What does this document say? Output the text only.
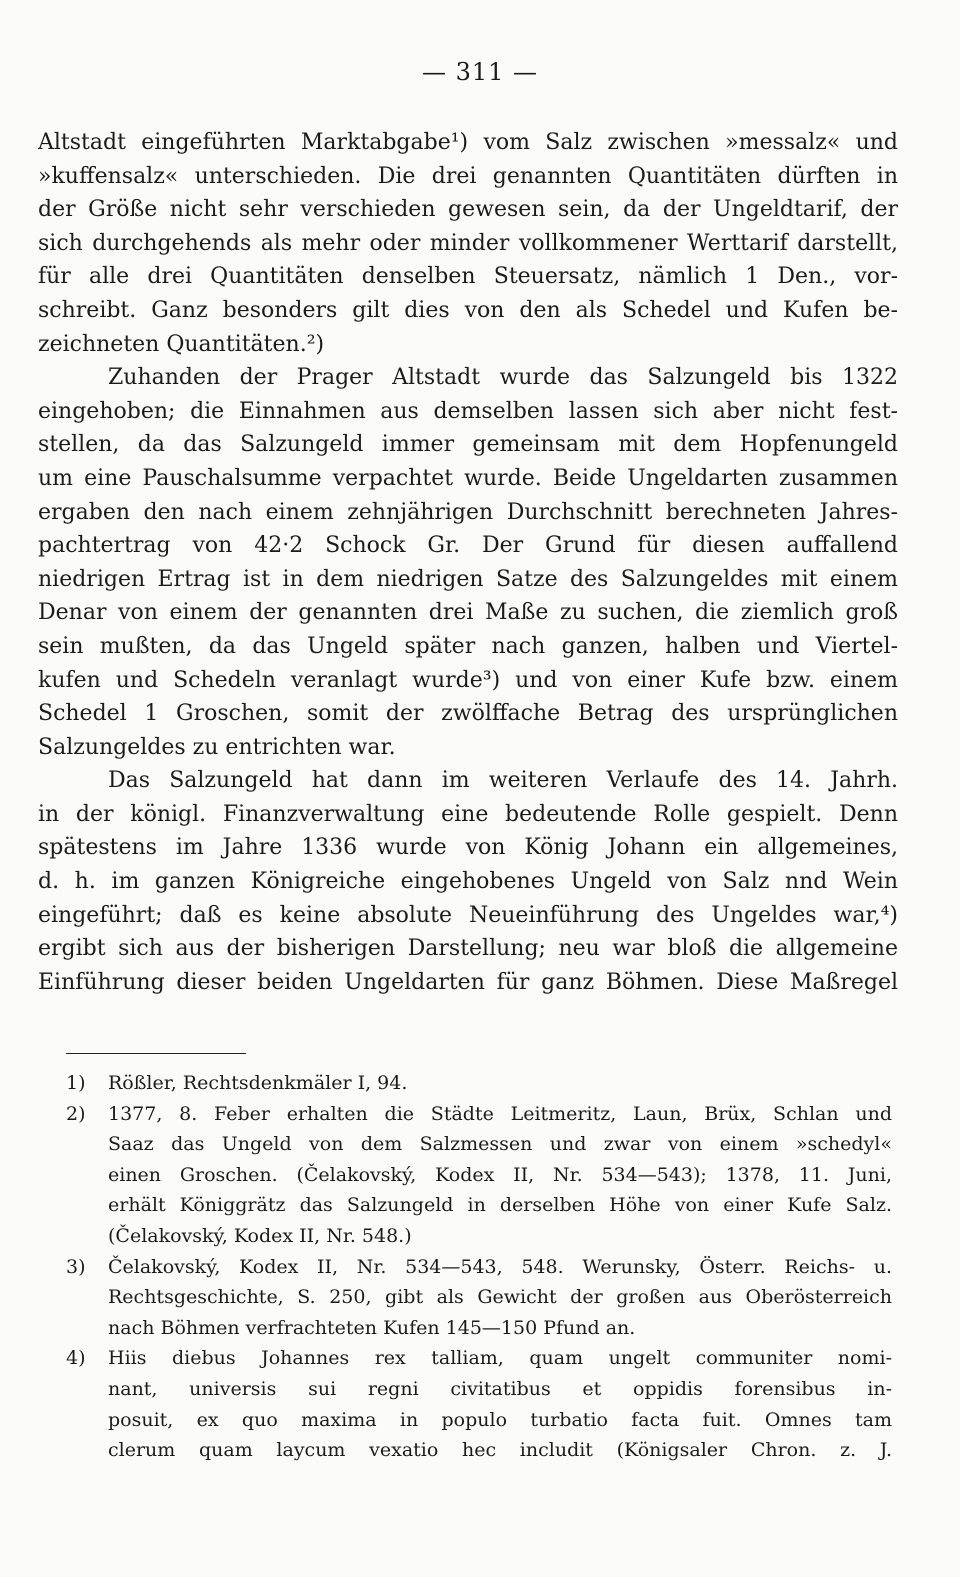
— 311 —
Altstadt eingeführten Marktabgabe¹) vom Salz zwischen »messalz« und
»kuffensalz« unterschieden. Die drei genannten Quantitäten dürften in
der Größe nicht sehr verschieden gewesen sein, da der Ungeldtarif, der
sich durchgehends als mehr oder minder vollkommener Werttarif darstellt,
für alle drei Quantitäten denselben Steuersatz, nämlich 1 Den., vor-
schreibt. Ganz besonders gilt dies von den als Schedel und Kufen be-
zeichneten Quantitäten.²)
Zuhanden der Prager Altstadt wurde das Salzungeld bis 1322
eingehoben; die Einnahmen aus demselben lassen sich aber nicht fest-
stellen, da das Salzungeld immer gemeinsam mit dem Hopfenungeld
um eine Pauschalsumme verpachtet wurde. Beide Ungeldarten zusammen
ergaben den nach einem zehnjährigen Durchschnitt berechneten Jahres-
pachtertrag von 42·2 Schock Gr. Der Grund für diesen auffallend
niedrigen Ertrag ist in dem niedrigen Satze des Salzungeldes mit einem
Denar von einem der genannten drei Maße zu suchen, die ziemlich groß
sein mußten, da das Ungeld später nach ganzen, halben und Viertel-
kufen und Schedeln veranlagt wurde³) und von einer Kufe bzw. einem
Schedel 1 Groschen, somit der zwölffache Betrag des ursprünglichen
Salzungeldes zu entrichten war.
Das Salzungeld hat dann im weiteren Verlaufe des 14. Jahrh.
in der königl. Finanzverwaltung eine bedeutende Rolle gespielt. Denn
spätestens im Jahre 1336 wurde von König Johann ein allgemeines,
d. h. im ganzen Königreiche eingehobenes Ungeld von Salz nnd Wein
eingeführt; daß es keine absolute Neueinführung des Ungeldes war,⁴)
ergibt sich aus der bisherigen Darstellung; neu war bloß die allgemeine
Einführung dieser beiden Ungeldarten für ganz Böhmen. Diese Maßregel
1) Rößler, Rechtsdenkmäler I, 94.
2) 1377, 8. Feber erhalten die Städte Leitmeritz, Laun, Brüx, Schlan und
Saaz das Ungeld von dem Salzmessen und zwar von einem »schedyl«
einen Groschen. (Čelakovský, Kodex II, Nr. 534—543); 1378, 11. Juni,
erhält Königgrätz das Salzungeld in derselben Höhe von einer Kufe Salz.
(Čelakovský, Kodex II, Nr. 548.)
3) Čelakovský, Kodex II, Nr. 534—543, 548. Werunsky, Österr. Reichs- u.
Rechtsgeschichte, S. 250, gibt als Gewicht der großen aus Oberösterreich
nach Böhmen verfrachteten Kufen 145—150 Pfund an.
4) Hiis diebus Johannes rex talliam, quam ungelt communiter nomi-
nant, universis sui regni civitatibus et oppidis forensibus in-
posuit, ex quo maxima in populo turbatio facta fuit. Omnes tam
clerum quam laycum vexatio hec includit (Königsaler Chron. z. J.
